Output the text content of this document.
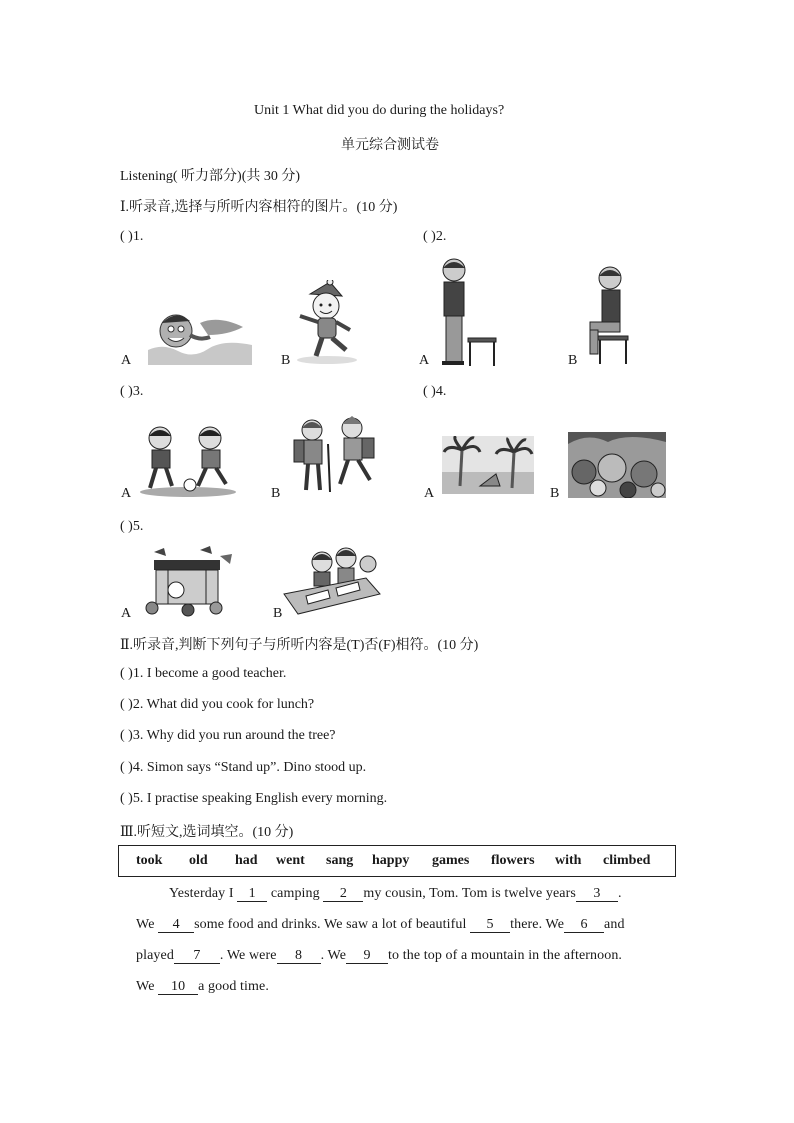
Unit 1 What did you do during the holidays?
单元综合测试卷
Listening( 听力部分)(共 30 分)
Ⅰ.听录音,选择与所听内容相符的图片。(10 分)
( )1.	( )2.
A	B	A	B
( )3.	( )4.
A	B	A	B
( )5.
A	B
Ⅱ.听录音,判断下列句子与所听内容是(T)否(F)相符。(10 分)
( )1. I become a good teacher.
( )2. What did you cook for lunch?
( )3. Why did you run around the tree?
( )4. Simon says “Stand up”. Dino stood up.
( )5. I practise speaking English every morning.
Ⅲ.听短文,选词填空。(10 分)
took old had went sang happy games flowers with climbed
Yesterday I 1 camping 2 my cousin, Tom. Tom is twelve years 3 .
We 4 some food and drinks. We saw a lot of beautiful 5 there. We 6 and
played 7 . We were 8 . We 9 to the top of a mountain in the afternoon.
We 10 a good time.
